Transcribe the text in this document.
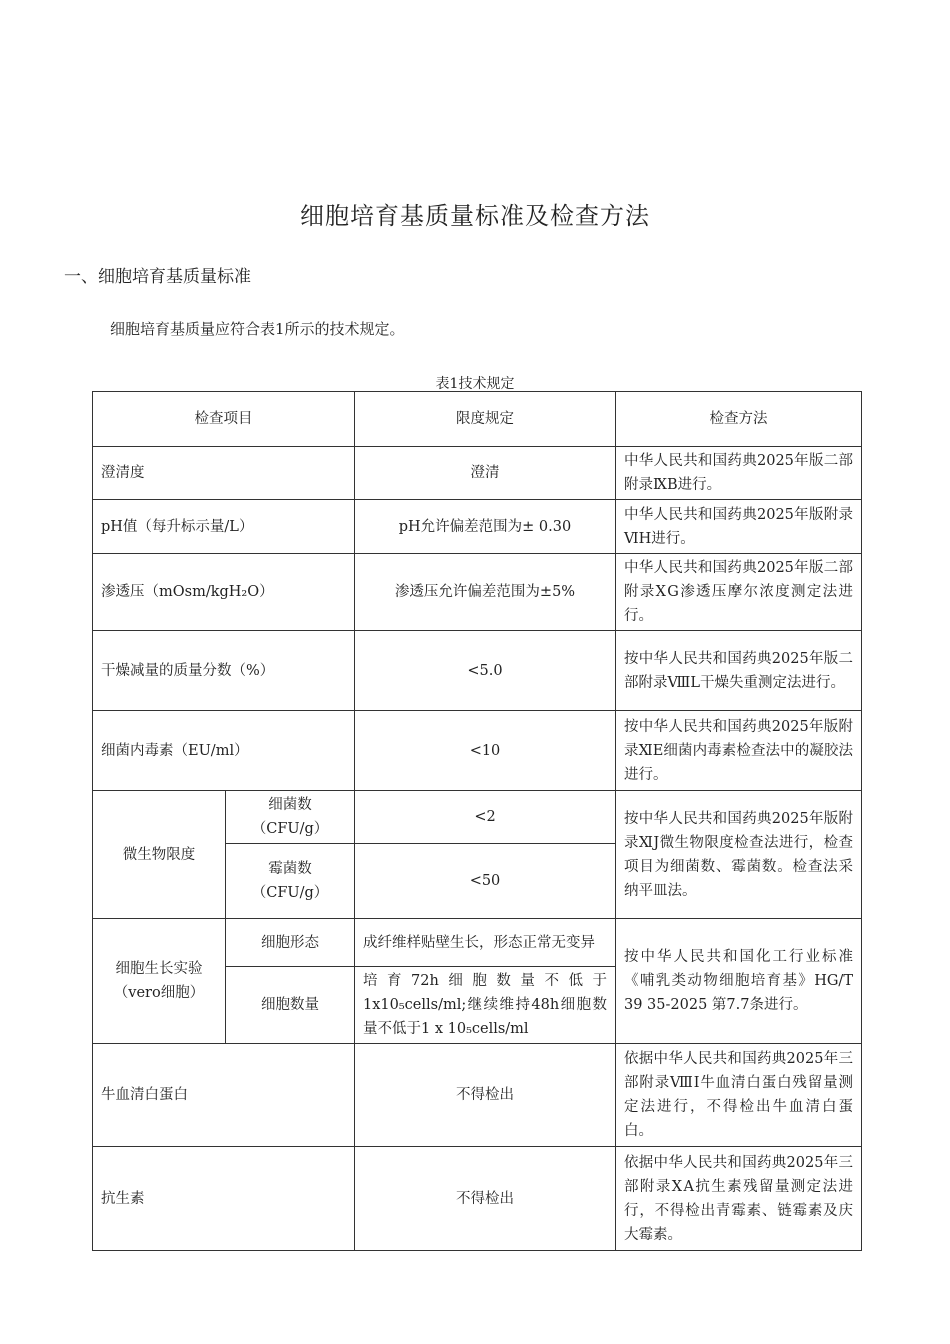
细胞培育基质量标准及检查方法
一、细胞培育基质量标准
细胞培育基质量应符合表1所示的技术规定。
表1技术规定
检查项目		限度规定	检查方法
澄清度		澄清	中华人民共和国药典2025年版二部附录ⅨB进行。
pH值（每升标示量/L）		pH允许偏差范围为± 0.30	中华人民共和国药典2025年版附录ⅥH进行。
渗透压（mOsm/kgH₂O）		渗透压允许偏差范围为±5%	中华人民共和国药典2025年版二部附录ⅩG渗透压摩尔浓度测定法进行。
干燥减量的质量分数（%）		<5.0	按中华人民共和国药典2025年版二部附录ⅧL干燥失重测定法进行。
细菌内毒素（EU/ml）		<10	按中华人民共和国药典2025年版附录ⅪE细菌内毒素检查法中的凝胶法进行。
微生物限度	细菌数（CFU/g）	<2	按中华人民共和国药典2025年版附录ⅪJ微生物限度检查法进行，检查项目为细菌数、霉菌数。检查法采纳平皿法。
	霉菌数（CFU/g）	<50	
细胞生长实验（vero细胞）	细胞形态	成纤维样贴壁生长，形态正常无变异	按中华人民共和国化工行业标准《哺乳类动物细胞培育基》HG/T 39 35-2025 第7.7条进行。
	细胞数量	培育72h细胞数量不低于1x10₅cells/ml;继续维持48h细胞数量不低于1 x 10₅cells/ml	
牛血清白蛋白		不得检出	依据中华人民共和国药典2025年三部附录ⅧI牛血清白蛋白残留量测定法进行，不得检出牛血清白蛋白。
抗生素		不得检出	依据中华人民共和国药典2025年三部附录ⅩA抗生素残留量测定法进行，不得检出青霉素、链霉素及庆大霉素。
